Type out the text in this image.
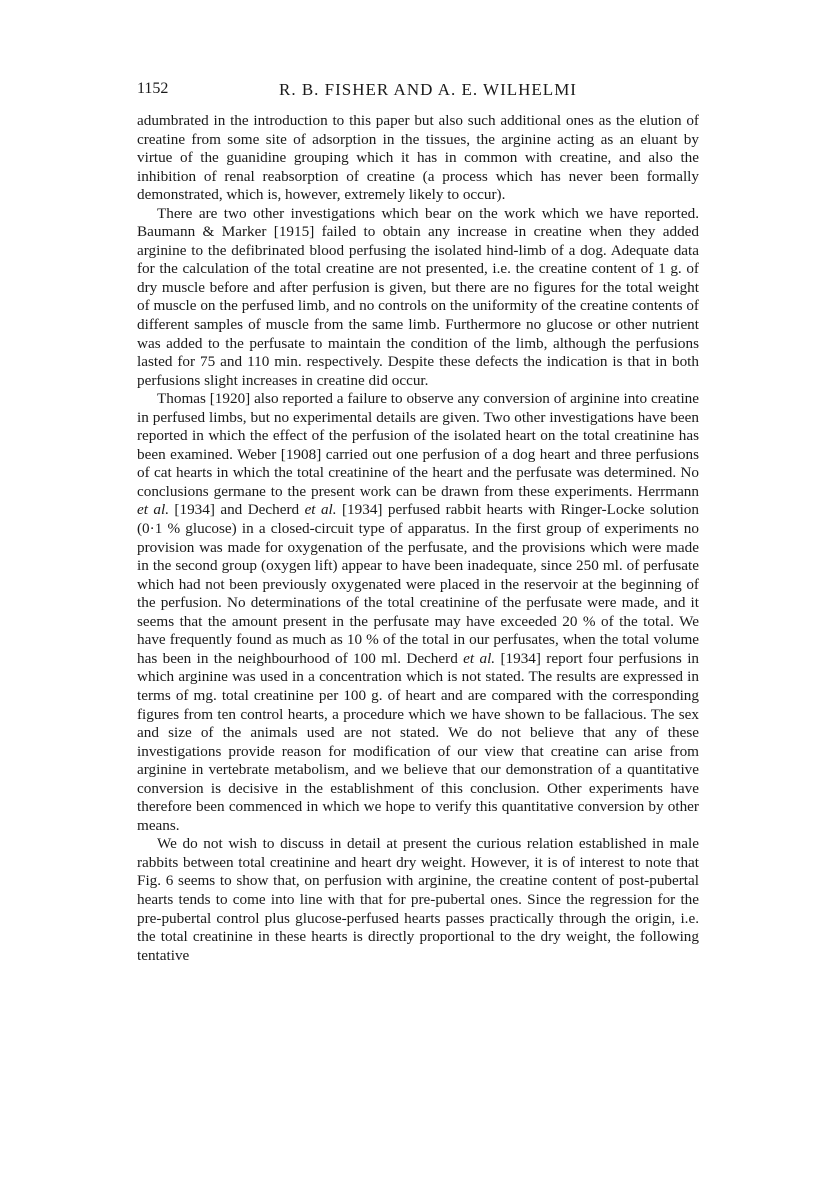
1152	R. B. FISHER AND A. E. WILHELMI

adumbrated in the introduction to this paper but also such additional ones as the elution of creatine from some site of adsorption in the tissues, the arginine acting as an eluant by virtue of the guanidine grouping which it has in common with creatine, and also the inhibition of renal reabsorption of creatine (a process which has never been formally demonstrated, which is, however, extremely likely to occur).

There are two other investigations which bear on the work which we have reported. Baumann & Marker [1915] failed to obtain any increase in creatine when they added arginine to the defibrinated blood perfusing the isolated hind-limb of a dog. Adequate data for the calculation of the total creatine are not presented, i.e. the creatine content of 1 g. of dry muscle before and after perfusion is given, but there are no figures for the total weight of muscle on the perfused limb, and no controls on the uniformity of the creatine contents of different samples of muscle from the same limb. Furthermore no glucose or other nutrient was added to the perfusate to maintain the condition of the limb, although the perfusions lasted for 75 and 110 min. respectively. Despite these defects the indication is that in both perfusions slight increases in creatine did occur.

Thomas [1920] also reported a failure to observe any conversion of arginine into creatine in perfused limbs, but no experimental details are given. Two other investigations have been reported in which the effect of the perfusion of the isolated heart on the total creatinine has been examined. Weber [1908] carried out one perfusion of a dog heart and three perfusions of cat hearts in which the total creatinine of the heart and the perfusate was determined. No conclusions germane to the present work can be drawn from these experiments. Herrmann et al. [1934] and Decherd et al. [1934] perfused rabbit hearts with Ringer-Locke solution (0·1 % glucose) in a closed-circuit type of apparatus. In the first group of experiments no provision was made for oxygenation of the perfusate, and the provisions which were made in the second group (oxygen lift) appear to have been inadequate, since 250 ml. of perfusate which had not been previously oxygenated were placed in the reservoir at the beginning of the perfusion. No determinations of the total creatinine of the perfusate were made, and it seems that the amount present in the perfusate may have exceeded 20 % of the total. We have frequently found as much as 10 % of the total in our perfusates, when the total volume has been in the neighbourhood of 100 ml. Decherd et al. [1934] report four perfusions in which arginine was used in a concentration which is not stated. The results are expressed in terms of mg. total creatinine per 100 g. of heart and are compared with the corresponding figures from ten control hearts, a procedure which we have shown to be fallacious. The sex and size of the animals used are not stated. We do not believe that any of these investigations provide reason for modification of our view that creatine can arise from arginine in vertebrate metabolism, and we believe that our demonstration of a quantitative conversion is decisive in the establishment of this conclusion. Other experiments have therefore been commenced in which we hope to verify this quantitative conversion by other means.

We do not wish to discuss in detail at present the curious relation established in male rabbits between total creatinine and heart dry weight. However, it is of interest to note that Fig. 6 seems to show that, on perfusion with arginine, the creatine content of post-pubertal hearts tends to come into line with that for pre-pubertal ones. Since the regression for the pre-pubertal control plus glucose-perfused hearts passes practically through the origin, i.e. the total creatinine in these hearts is directly proportional to the dry weight, the following tentative
